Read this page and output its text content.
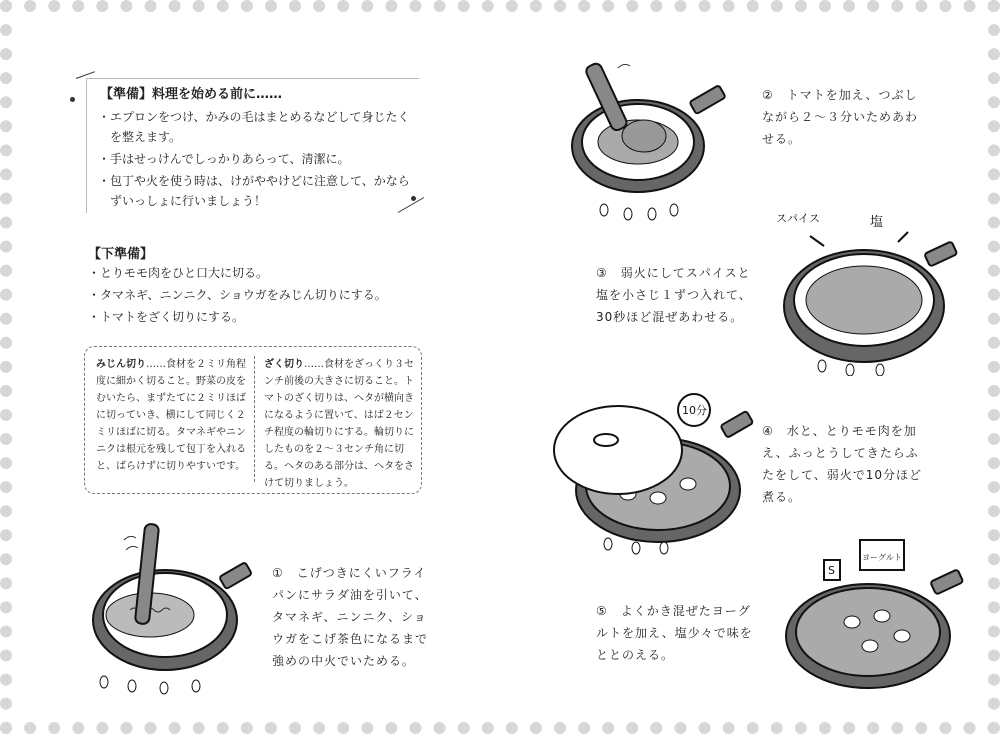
【準備】料理を始める前に……
・エプロンをつけ、かみの毛はまとめるなどして身じたくを整えます。
・手はせっけんでしっかりあらって、清潔に。
・包丁や火を使う時は、けがややけどに注意して、かならずいっしょに行いましょう！
【下準備】
・とりモモ肉をひと口大に切る。
・タマネギ、ニンニク、ショウガをみじん切りにする。
・トマトをざく切りにする。
みじん切り……食材を２ミリ角程度に細かく切ること。野菜の皮をむいたら、まずたてに２ミリほばに切っていき、横にして同じく２ミリほばに切る。タマネギやニンニクは根元を残して包丁を入れると、ばらけずに切りやすいです。
ざく切り……食材をざっくり３センチ前後の大きさに切ること。トマトのざく切りは、ヘタが横向きになるように置いて、はば２センチ程度の輪切りにする。輪切りにしたものを２〜３センチ角に切る。ヘタのある部分は、ヘタをさけて切りましょう。
①　こげつきにくいフライパンにサラダ油を引いて、タマネギ、ニンニク、ショウガをこげ茶色になるまで強めの中火でいためる。
②　トマトを加え、つぶしながら２〜３分いためあわせる。
③　弱火にしてスパイスと塩を小さじ１ずつ入れて、30秒ほど混ぜあわせる。
④　水と、とりモモ肉を加え、ふっとうしてきたらふたをして、弱火で10分ほど煮る。
⑤　よくかき混ぜたヨーグルトを加え、塩少々で味をととのえる。
スパイス	塩
10分
ヨーグルト
S
